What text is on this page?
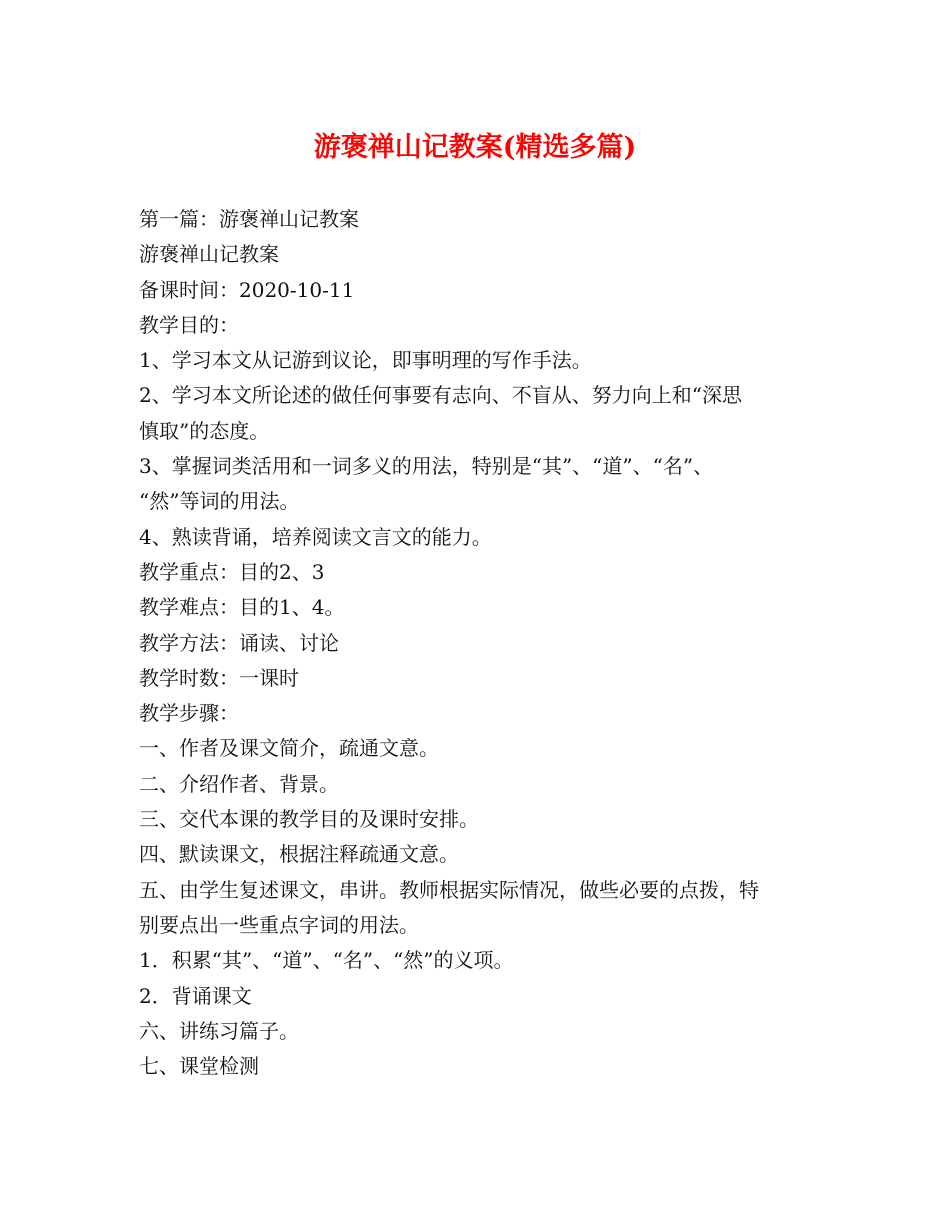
游褒禅山记教案(精选多篇)

第一篇：游褒禅山记教案

游褒禅山记教案

备课时间：2020-10-11

教学目的：

1、学习本文从记游到议论，即事明理的写作手法。

2、学习本文所论述的做任何事要有志向、不盲从、努力向上和“深思

慎取”的态度。

3、掌握词类活用和一词多义的用法，特别是“其”、“道”、“名”、

“然”等词的用法。

4、熟读背诵，培养阅读文言文的能力。

教学重点：目的2、3

教学难点：目的1、4。

教学方法：诵读、讨论

教学时数：一课时

教学步骤：

一、作者及课文简介，疏通文意。

二、介绍作者、背景。

三、交代本课的教学目的及课时安排。

四、默读课文，根据注释疏通文意。

五、由学生复述课文，串讲。教师根据实际情况，做些必要的点拨，特

别要点出一些重点字词的用法。

1．积累“其”、“道”、“名”、“然”的义项。

2．背诵课文

六、讲练习篇子。

七、课堂检测
